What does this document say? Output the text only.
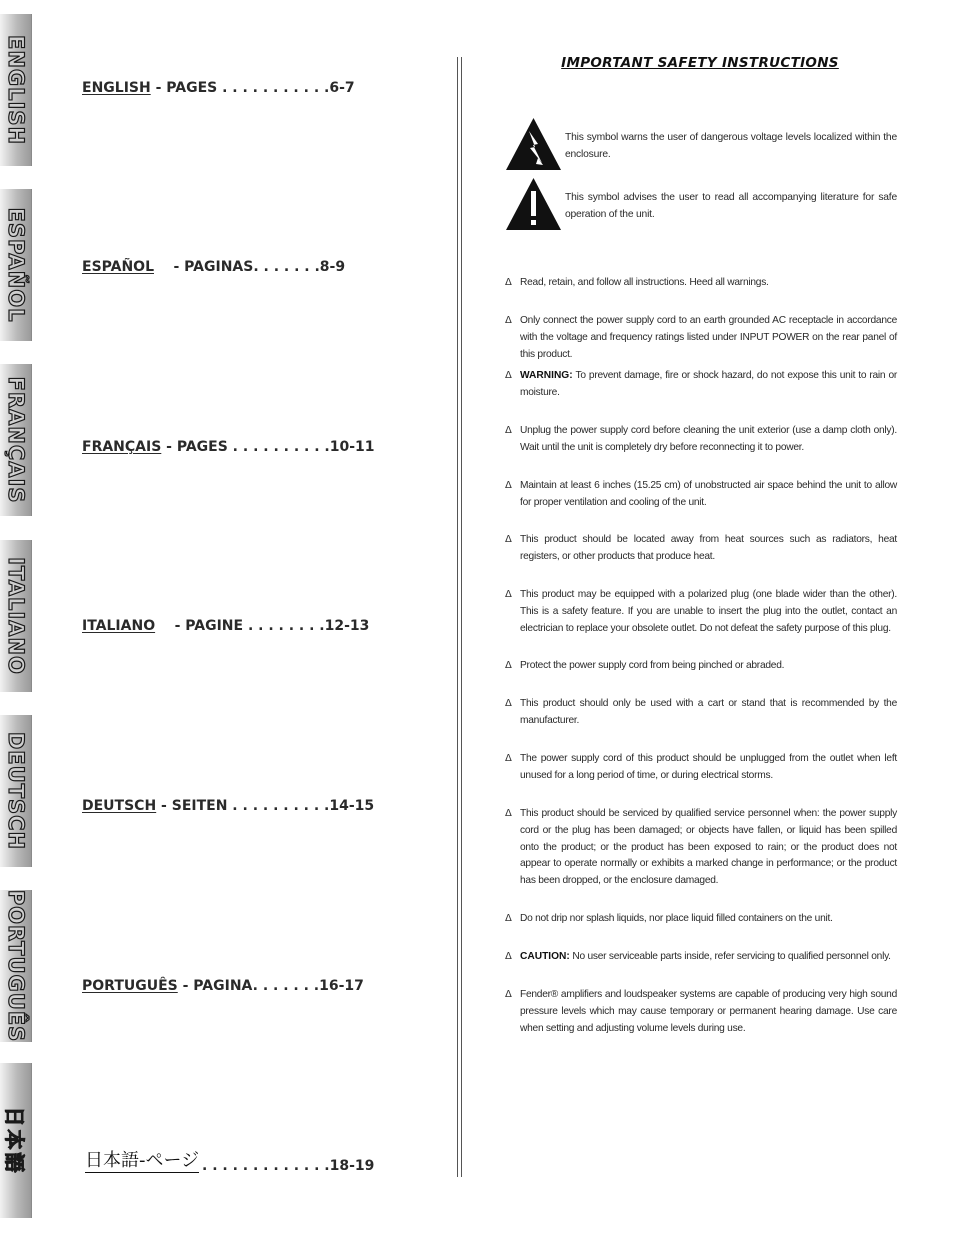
ENGLISH
ESPAÑOL
FRANÇAIS
ITALIANO
DEUTSCH
PORTUGUÊS
日本語
ENGLISH - PAGES . . . . . . . . . . .6-7
ESPAÑOL    - PAGINAS. . . . . . .8-9
FRANÇAIS - PAGES . . . . . . . . . .10-11
ITALIANO    - PAGINE . . . . . . . .12-13
DEUTSCH - SEITEN . . . . . . . . . .14-15
PORTUGUÊS - PAGINA. . . . . . .16-17
日本語-ページ . . . . . . . . . . . . .18-19
IMPORTANT SAFETY INSTRUCTIONS
This symbol warns the user of dangerous voltage levels localized within the enclosure.
This symbol advises the user to read all accompanying literature for safe operation of the unit.
Δ Read, retain, and follow all instructions. Heed all warnings.
Δ Only connect the power supply cord to an earth grounded AC receptacle in accordance with the voltage and frequency ratings listed under INPUT POWER on the rear panel of this product.
Δ WARNING: To prevent damage, fire or shock hazard, do not expose this unit to rain or moisture.
Δ Unplug the power supply cord before cleaning the unit exterior (use a damp cloth only). Wait until the unit is completely dry before reconnecting it to power.
Δ Maintain at least 6 inches (15.25 cm) of unobstructed air space behind the unit to allow for proper ventilation and cooling of the unit.
Δ This product should be located away from heat sources such as radiators, heat registers, or other products that produce heat.
Δ This product may be equipped with a polarized plug (one blade wider than the other). This is a safety feature. If you are unable to insert the plug into the outlet, contact an electrician to replace your obsolete outlet. Do not defeat the safety purpose of this plug.
Δ Protect the power supply cord from being pinched or abraded.
Δ This product should only be used with a cart or stand that is recommended by the manufacturer.
Δ The power supply cord of this product should be unplugged from the outlet when left unused for a long period of time, or during electrical storms.
Δ This product should be serviced by qualified service personnel when: the power supply cord or the plug has been damaged; or objects have fallen, or liquid has been spilled onto the product; or the product has been exposed to rain; or the product does not appear to operate normally or exhibits a marked change in performance; or the product has been dropped, or the enclosure damaged.
Δ Do not drip nor splash liquids, nor place liquid filled containers on the unit.
Δ CAUTION: No user serviceable parts inside, refer servicing to qualified personnel only.
Δ Fender® amplifiers and loudspeaker systems are capable of producing very high sound pressure levels which may cause temporary or permanent hearing damage. Use care when setting and adjusting volume levels during use.
